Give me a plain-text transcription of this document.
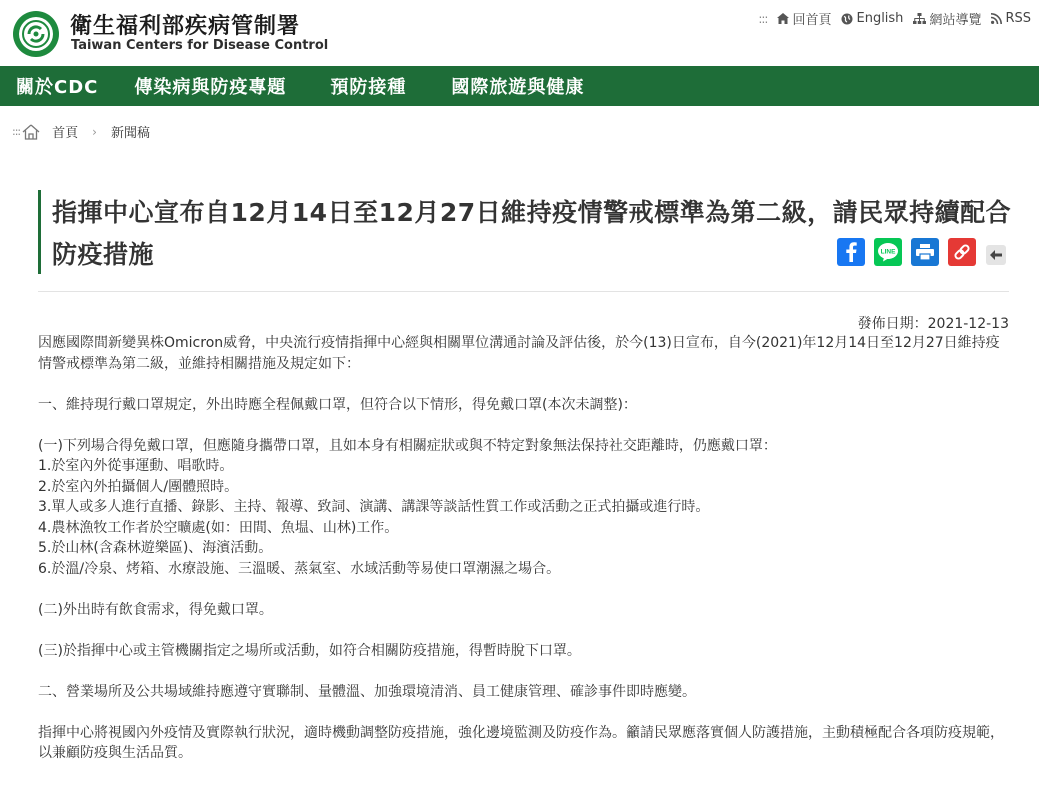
衛生福利部疾病管制署
Taiwan Centers for Disease Control
::: 回首頁 English 網站導覽 RSS
關於CDC 傳染病與防疫專題 預防接種	國際旅遊與健康
::: 首頁 › 新聞稿
指揮中心宣布自12月14日至12月27日維持疫情警戒標準為第二級，請民眾持續配合防疫措施	LINE
發佈日期：2021-12-13

因應國際間新變異株Omicron威脅，中央流行疫情指揮中心經與相關單位溝通討論及評估後，於今(13)日宣布，自今(2021)年12月14日至12月27日維持疫情警戒標準為第二級，並維持相關措施及規定如下：

一、維持現行戴口罩規定，外出時應全程佩戴口罩，但符合以下情形，得免戴口罩(本次未調整)：

(一)下列場合得免戴口罩，但應隨身攜帶口罩，且如本身有相關症狀或與不特定對象無法保持社交距離時，仍應戴口罩：

1.於室內外從事運動、唱歌時。

2.於室內外拍攝個人/團體照時。

3.單人或多人進行直播、錄影、主持、報導、致詞、演講、講課等談話性質工作或活動之正式拍攝或進行時。

4.農林漁牧工作者於空曠處(如：田間、魚塭、山林)工作。

5.於山林(含森林遊樂區)、海濱活動。

6.於溫/冷泉、烤箱、水療設施、三溫暖、蒸氣室、水域活動等易使口罩潮濕之場合。

(二)外出時有飲食需求，得免戴口罩。

(三)於指揮中心或主管機關指定之場所或活動，如符合相關防疫措施，得暫時脫下口罩。

二、營業場所及公共場域維持應遵守實聯制、量體溫、加強環境清消、員工健康管理、確診事件即時應變。

指揮中心將視國內外疫情及實際執行狀況，適時機動調整防疫措施，強化邊境監測及防疫作為。籲請民眾應落實個人防護措施，主動積極配合各項防疫規範，以兼顧防疫與生活品質。
